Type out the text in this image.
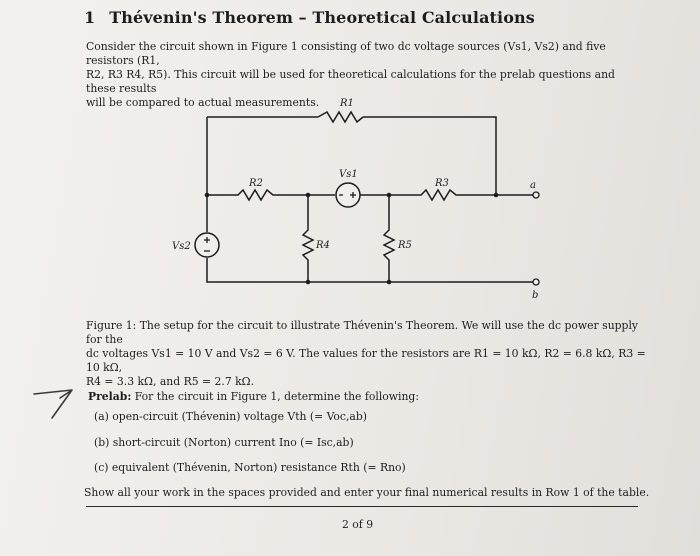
1 Thévenin's Theorem – Theoretical Calculations
Consider the circuit shown in Figure 1 consisting of two dc voltage sources (Vs1, Vs2) and five resistors (R1,
R2, R3 R4, R5). This circuit will be used for theoretical calculations for the prelab questions and these results
will be compared to actual measurements.	R1
R2	R3
R4	R5
Vs1
Vs2
a
b
Figure 1: The setup for the circuit to illustrate Thévenin's Theorem. We will use the dc power supply for the
dc voltages Vs1 = 10 V and Vs2 = 6 V. The values for the resistors are R1 = 10 kΩ, R2 = 6.8 kΩ, R3 = 10 kΩ,
R4 = 3.3 kΩ, and R5 = 2.7 kΩ.
Prelab: For the circuit in Figure 1, determine the following:
(a) open-circuit (Thévenin) voltage Vth (= Voc,ab)
(b) short-circuit (Norton) current Ino (= Isc,ab)
(c) equivalent (Thévenin, Norton) resistance Rth (= Rno)
Show all your work in the spaces provided and enter your final numerical results in Row 1 of the table.
2 of 9
